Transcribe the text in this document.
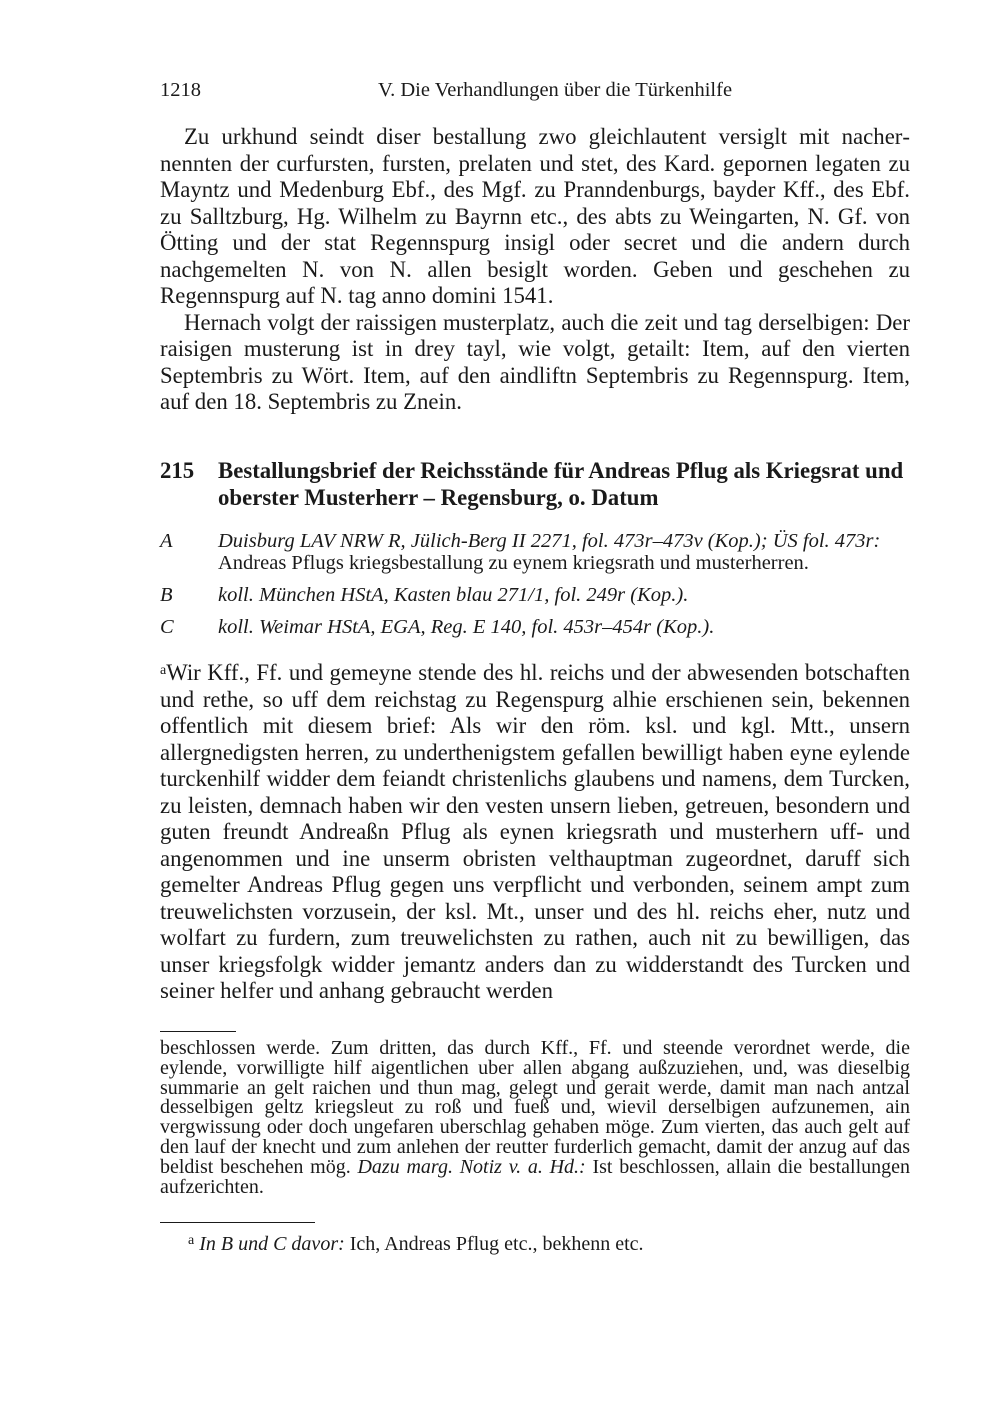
1218	V. Die Verhandlungen über die Türkenhilfe

Zu urkhund seindt diser bestallung zwo gleichlautent versiglt mit nachernennten der curfursten, fursten, prelaten und stet, des Kard. gepornen legaten zu Mayntz und Medenburg Ebf., des Mgf. zu Pranndenburgs, bayder Kff., des Ebf. zu Salltzburg, Hg. Wilhelm zu Bayrnn etc., des abts zu Weingarten, N. Gf. von Ötting und der stat Regennspurg insigl oder secret und die andern durch nachgemelten N. von N. allen besiglt worden. Geben und geschehen zu Regennspurg auf N. tag anno domini 1541.

Hernach volgt der raissigen musterplatz, auch die zeit und tag derselbigen: Der raisigen musterung ist in drey tayl, wie volgt, getailt: Item, auf den vierten Septembris zu Wört. Item, auf den aindliftn Septembris zu Regennspurg. Item, auf den 18. Septembris zu Znein.

215 Bestallungsbrief der Reichsstände für Andreas Pflug als Kriegsrat und oberster Musterherr – Regensburg, o. Datum
A	Duisburg LAV NRW R, Jülich-Berg II 2271, fol. 473r–473v (Kop.); ÜS fol. 473r:
Andreas Pflugs kriegsbestallung zu eynem kriegsrath und musterherren.
B	koll. München HStA, Kasten blau 271/1, fol. 249r (Kop.).
C	koll. Weimar HStA, EGA, Reg. E 140, fol. 453r–454r (Kop.).

$^a$Wir Kff., Ff. und gemeyne stende des hl. reichs und der abwesenden botschaften und rethe, so uff dem reichstag zu Regenspurg alhie erschienen sein, bekennen offentlich mit diesem brief: Als wir den röm. ksl. und kgl. Mtt., unsern allergnedigsten herren, zu underthenigstem gefallen bewilligt haben eyne eylende turckenhilf widder dem feiandt christenlichs glaubens und namens, dem Turcken, zu leisten, demnach haben wir den vesten unsern lieben, getreuen, besondern und guten freundt Andreaßn Pflug als eynen kriegsrath und musterhern uff- und angenommen und ine unserm obristen velthauptman zugeordnet, daruff sich gemelter Andreas Pflug gegen uns verpflicht und verbonden, seinem ampt zum treuwelichsten vorzusein, der ksl. Mt., unser und des hl. reichs eher, nutz und wolfart zu furdern, zum treuwelichsten zu rathen, auch nit zu bewilligen, das unser kriegsfolgk widder jemantz anders dan zu widderstandt des Turcken und seiner helfer und anhang gebraucht werden

beschlossen werde. Zum dritten, das durch Kff., Ff. und steende verordnet werde, die eylende, vorwilligte hilf aigentlichen uber allen abgang außzuziehen, und, was dieselbig summarie an gelt raichen und thun mag, gelegt und gerait werde, damit man nach antzal desselbigen geltz kriegsleut zu roß und fueß und, wievil derselbigen aufzunemen, ain vergwissung oder doch ungefaren uberschlag gehaben möge. Zum vierten, das auch gelt auf den lauf der knecht und zum anlehen der reutter furderlich gemacht, damit der anzug auf das beldist beschehen mög. Dazu marg. Notiz v. a. Hd.: Ist beschlossen, allain die bestallungen aufzerichten.
$^a$ In B und C davor: Ich, Andreas Pflug etc., bekhenn etc.
